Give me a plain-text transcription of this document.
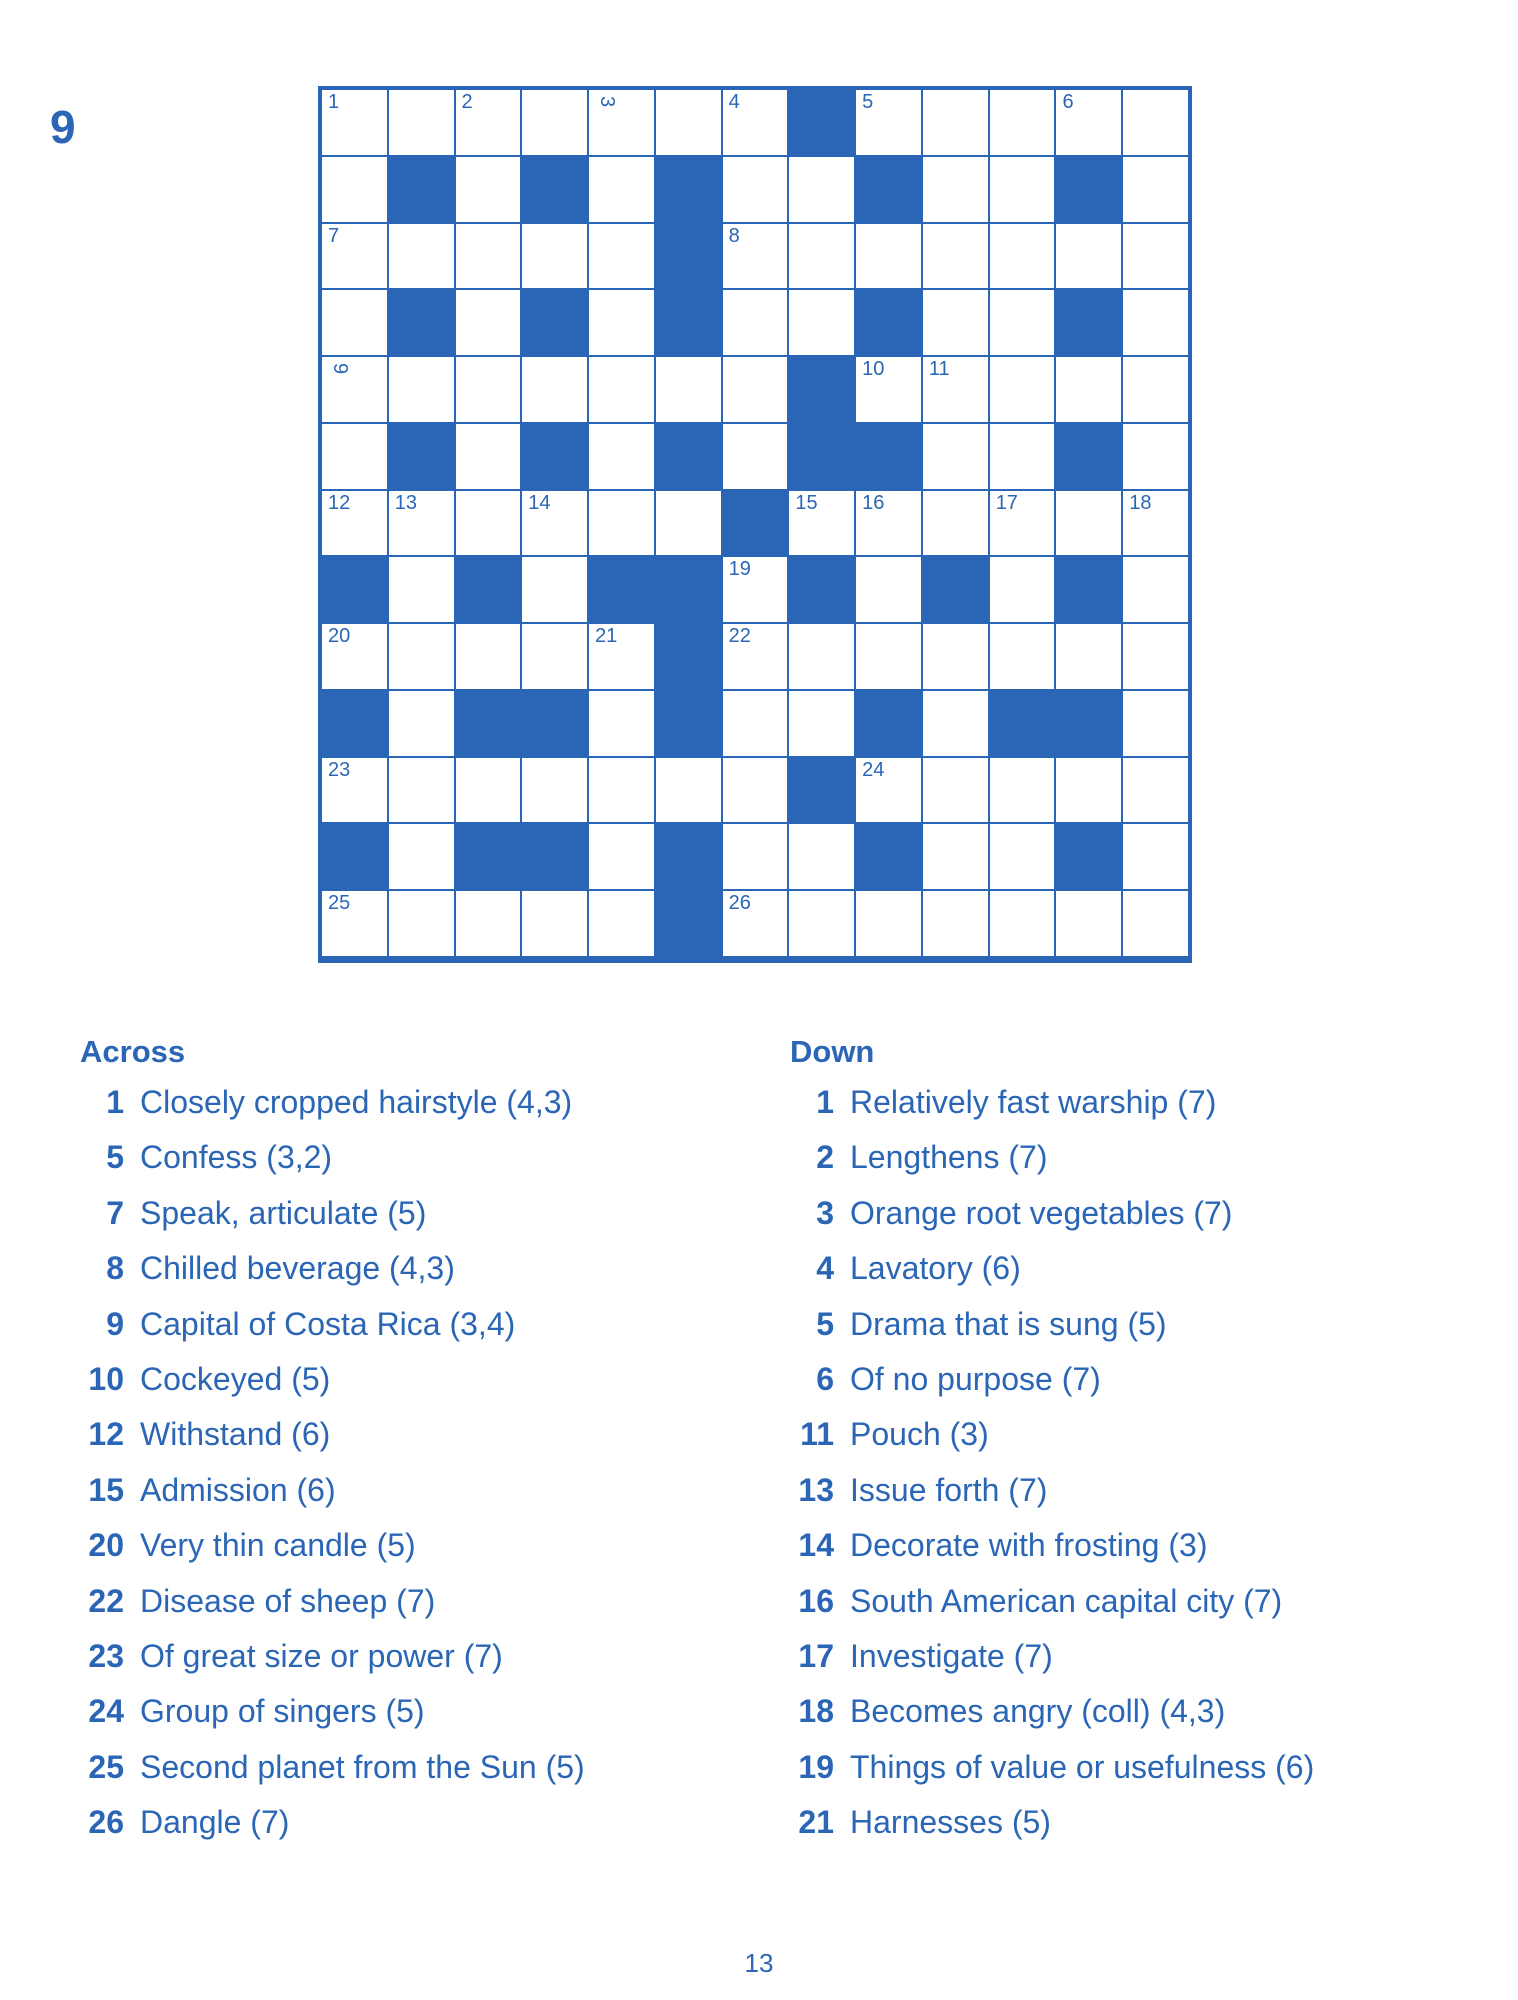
9	1	2	3	4	5	6
7	8
9	10 11
12 13	14	15 16	17	18
19
20	21	22
23	24
25	26
Across
1 Closely cropped hairstyle (4,3)
5 Confess (3,2)
7 Speak, articulate (5)
8 Chilled beverage (4,3)
9 Capital of Costa Rica (3,4)
10 Cockeyed (5)
12 Withstand (6)
15 Admission (6)
20 Very thin candle (5)
22 Disease of sheep (7)
23 Of great size or power (7)
24 Group of singers (5)
25 Second planet from the Sun (5)
26 Dangle (7)
Down
1 Relatively fast warship (7)
2 Lengthens (7)
3 Orange root vegetables (7)
4 Lavatory (6)
5 Drama that is sung (5)
6 Of no purpose (7)
11 Pouch (3)
13 Issue forth (7)
14 Decorate with frosting (3)
16 South American capital city (7)
17 Investigate (7)
18 Becomes angry (coll) (4,3)
19 Things of value or usefulness (6)
21 Harnesses (5)
13
